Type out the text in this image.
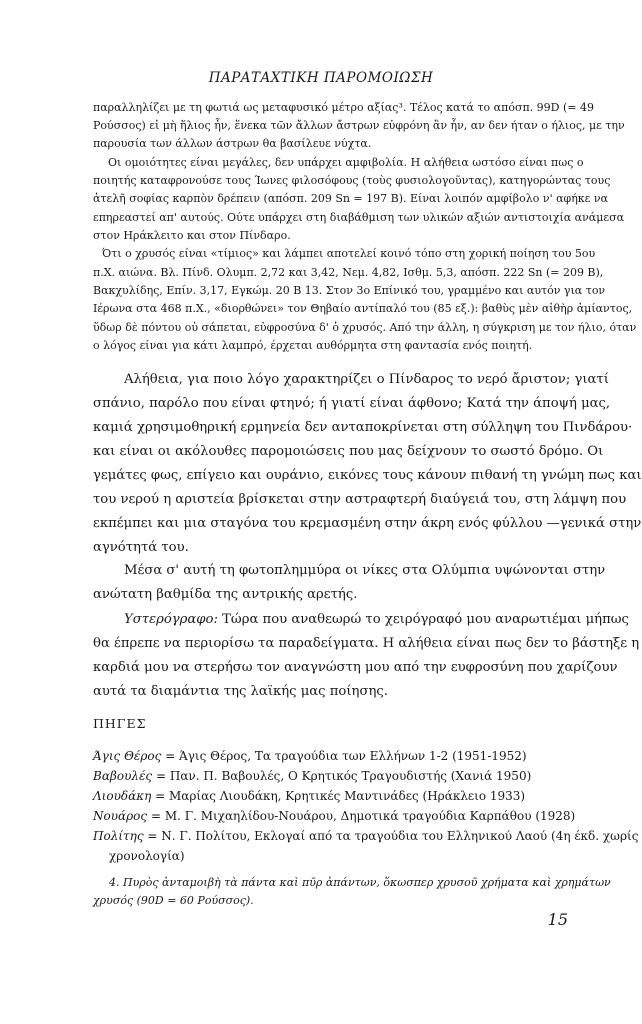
ΠΑΡΑΤΑΧΤΙΚΗ ΠΑΡΟΜΟΙΩΣΗ
παραλληλίζει με τη φωτιά ως μεταφυσικό μέτρο αξίας³. Τέλος κατά το απόσπ. 99D (= 49
Ρούσσος) εἰ μὴ ἥλιος ἦν, ἕνεκα τῶν ἄλλων ἄστρων εὐφρόνη ἂν ἦν, αν δεν ήταν ο ήλιος, με την
παρουσία των άλλων άστρων θα βασίλευε νύχτα.
Οι ομοιότητες είναι μεγάλες, δεν υπάρχει αμφιβολία. Η αλήθεια ωστόσο είναι πως ο
ποιητής καταφρονούσε τους Ίωνες φιλοσόφους (τοὺς φυσιολογοῦντας), κατηγορώντας τους
ἀτελῆ σοφίας καρπὸν δρέπειν (απόσπ. 209 Sn = 197 Β). Είναι λοιπόν αμφίβολο ν' αφήκε να
επηρεαστεί απ' αυτούς. Ούτε υπάρχει στη διαβάθμιση των υλικών αξιών αντιστοιχία ανάμεσα
στον Ηράκλειτο και στον Πίνδαρο.
Ότι ο χρυσός είναι «τίμιος» και λάμπει αποτελεί κοινό τόπο στη χορική ποίηση του 5ου
π.Χ. αιώνα. Βλ. Πίνδ. Ολυμπ. 2,72 και 3,42, Νεμ. 4,82, Ισθμ. 5,3, απόσπ. 222 Sn (= 209 B),
Βακχυλίδης, Επίν. 3,17, Εγκώμ. 20 Β 13. Στον 3ο Επίνικό του, γραμμένο και αυτόν για τον
Ιέρωνα στα 468 π.Χ., «διορθώνει» τον Θηβαίο αντίπαλό του (85 εξ.): βαθὺς μὲν αἰθὴρ ἀμίαντος,
ὕδωρ δὲ πόντου οὐ σάπεται, εὐφροσύνα δ' ὁ χρυσός. Από την άλλη, η σύγκριση με τον ήλιο, όταν
ο λόγος είναι για κάτι λαμπρό, έρχεται αυθόρμητα στη φαντασία ενός ποιητή.
Αλήθεια, για ποιο λόγο χαρακτηρίζει ο Πίνδαρος το νερό ἄριστον; γιατί
σπάνιο, παρόλο που είναι φτηνό; ή γιατί είναι άφθονο; Κατά την άποψή μας,
καμιά χρησιμοθηρική ερμηνεία δεν ανταποκρίνεται στη σύλληψη του Πινδάρου·
και είναι οι ακόλουθες παρομοιώσεις που μας δείχνουν το σωστό δρόμο. Οι
γεμάτες φως, επίγειο και ουράνιο, εικόνες τους κάνουν πιθανή τη γνώμη πως και
του νερού η αριστεία βρίσκεται στην αστραφτερή διαύγειά του, στη λάμψη που
εκπέμπει και μια σταγόνα του κρεμασμένη στην άκρη ενός φύλλου —γενικά στην
αγνότητά του.
Μέσα σ' αυτή τη φωτοπλημμύρα οι νίκες στα Ολύμπια υψώνονται στην
ανώτατη βαθμίδα της αντρικής αρετής.
Υστερόγραφο: Τώρα που αναθεωρώ το χειρόγραφό μου αναρωτιέμαι μήπως
θα έπρεπε να περιορίσω τα παραδείγματα. Η αλήθεια είναι πως δεν το βάστηξε η
καρδιά μου να στερήσω τον αναγνώστη μου από την ευφροσύνη που χαρίζουν
αυτά τα διαμάντια της λαϊκής μας ποίησης.
ΠΗΓΕΣ
Άγις Θέρος = Άγις Θέρος, Τα τραγούδια των Ελλήνων 1-2 (1951-1952)
Βαβουλές = Παν. Π. Βαβουλές, Ο Κρητικός Τραγουδιστής (Χανιά 1950)
Λιουδάκη = Μαρίας Λιουδάκη, Κρητικές Μαντινάδες (Ηράκλειο 1933)
Νουάρος = Μ. Γ. Μιχαηλίδου-Νουάρου, Δημοτικά τραγούδια Καρπάθου (1928)
Πολίτης = Ν. Γ. Πολίτου, Εκλογαί από τα τραγούδια του Ελληνικού Λαού (4η έκδ. χωρίς
χρονολογία)
4. Πυρὸς ἀνταμοιβὴ τὰ πάντα καὶ πῦρ ἁπάντων, ὅκωσπερ χρυσοῦ χρήματα καὶ χρημάτων
χρυσός (90D = 60 Ρούσσος).
15
